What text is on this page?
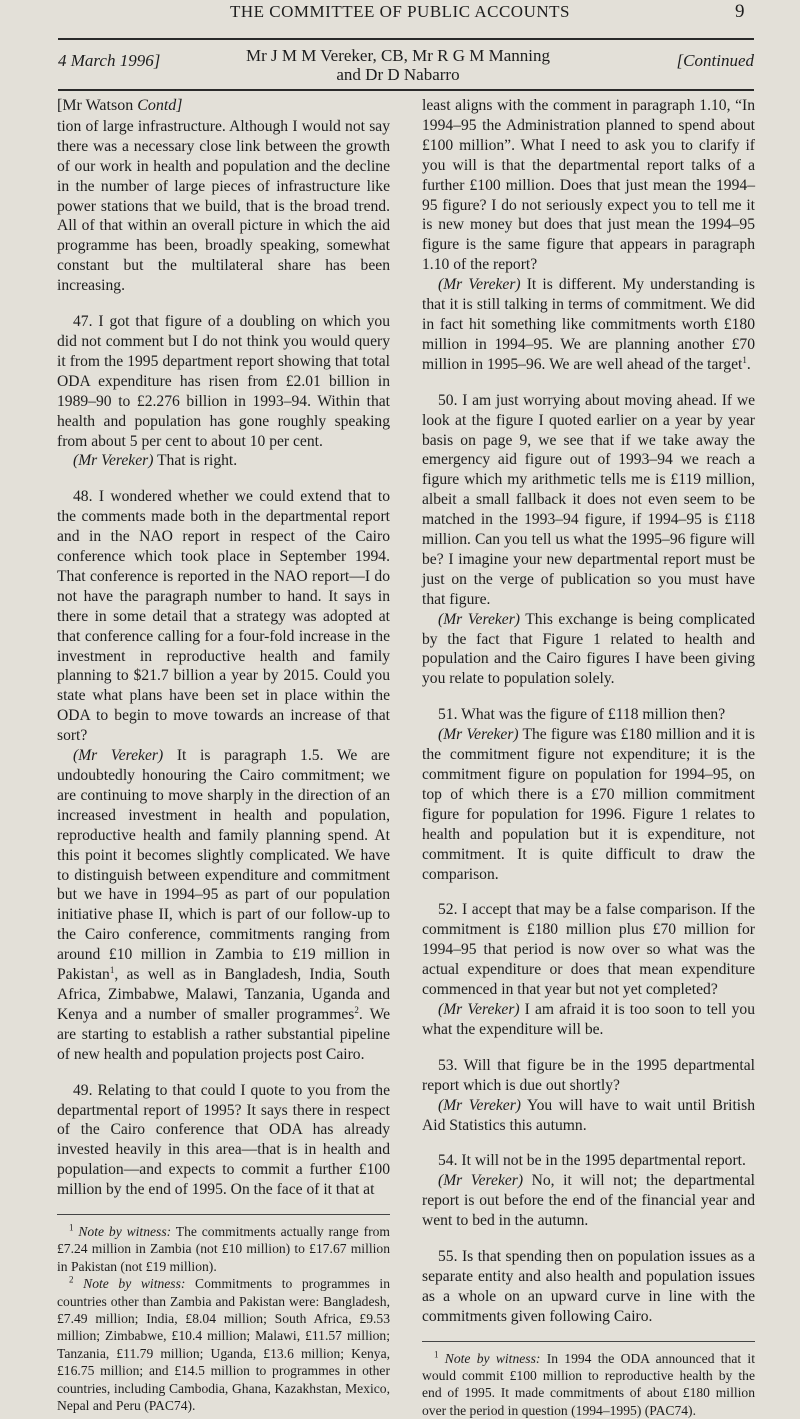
THE COMMITTEE OF PUBLIC ACCOUNTS	9
4 March 1996]	Mr J M M Vereker, CB, Mr R G M Manning
and Dr D Nabarro
[Continued
[Mr Watson Contd]

tion of large infrastructure. Although I would not say there was a necessary close link between the growth of our work in health and population and the decline in the number of large pieces of infrastructure like power stations that we build, that is the broad trend. All of that within an overall picture in which the aid programme has been, broadly speaking, somewhat constant but the multilateral share has been increasing.

47. I got that figure of a doubling on which you did not comment but I do not think you would query it from the 1995 department report showing that total ODA expenditure has risen from £2.01 billion in 1989–90 to £2.276 billion in 1993–94. Within that health and population has gone roughly speaking from about 5 per cent to about 10 per cent.

(Mr Vereker) That is right.

48. I wondered whether we could extend that to the comments made both in the departmental report and in the NAO report in respect of the Cairo conference which took place in September 1994. That conference is reported in the NAO report—I do not have the paragraph number to hand. It says in there in some detail that a strategy was adopted at that conference calling for a four-fold increase in the investment in reproductive health and family planning to $21.7 billion a year by 2015. Could you state what plans have been set in place within the ODA to begin to move towards an increase of that sort?

(Mr Vereker) It is paragraph 1.5. We are undoubtedly honouring the Cairo commitment; we are continuing to move sharply in the direction of an increased investment in health and population, reproductive health and family planning spend. At this point it becomes slightly complicated. We have to distinguish between expenditure and commitment but we have in 1994–95 as part of our population initiative phase II, which is part of our follow-up to the Cairo conference, commitments ranging from around £10 million in Zambia to £19 million in Pakistan$^1$, as well as in Bangladesh, India, South Africa, Zimbabwe, Malawi, Tanzania, Uganda and Kenya and a number of smaller programmes$^2$. We are starting to establish a rather substantial pipeline of new health and population projects post Cairo.

49. Relating to that could I quote to you from the departmental report of 1995? It says there in respect of the Cairo conference that ODA has already invested heavily in this area—that is in health and population—and expects to commit a further £100 million by the end of 1995. On the face of it that at

$^1$ Note by witness: The commitments actually range from £7.24 million in Zambia (not £10 million) to £17.67 million in Pakistan (not £19 million).

$^2$ Note by witness: Commitments to programmes in countries other than Zambia and Pakistan were: Bangladesh, £7.49 million; India, £8.04 million; South Africa, £9.53 million; Zimbabwe, £10.4 million; Malawi, £11.57 million; Tanzania, £11.79 million; Uganda, £13.6 million; Kenya, £16.75 million; and £14.5 million to programmes in other countries, including Cambodia, Ghana, Kazakhstan, Mexico, Nepal and Peru (PAC74).

least aligns with the comment in paragraph 1.10, “In 1994–95 the Administration planned to spend about £100 million”. What I need to ask you to clarify if you will is that the departmental report talks of a further £100 million. Does that just mean the 1994–95 figure? I do not seriously expect you to tell me it is new money but does that just mean the 1994–95 figure is the same figure that appears in paragraph 1.10 of the report?

(Mr Vereker) It is different. My understanding is that it is still talking in terms of commitment. We did in fact hit something like commitments worth £180 million in 1994–95. We are planning another £70 million in 1995–96. We are well ahead of the target$^1$.

50. I am just worrying about moving ahead. If we look at the figure I quoted earlier on a year by year basis on page 9, we see that if we take away the emergency aid figure out of 1993–94 we reach a figure which my arithmetic tells me is £119 million, albeit a small fallback it does not even seem to be matched in the 1993–94 figure, if 1994–95 is £118 million. Can you tell us what the 1995–96 figure will be? I imagine your new departmental report must be just on the verge of publication so you must have that figure.

(Mr Vereker) This exchange is being complicated by the fact that Figure 1 related to health and population and the Cairo figures I have been giving you relate to population solely.

51. What was the figure of £118 million then?

(Mr Vereker) The figure was £180 million and it is the commitment figure not expenditure; it is the commitment figure on population for 1994–95, on top of which there is a £70 million commitment figure for population for 1996. Figure 1 relates to health and population but it is expenditure, not commitment. It is quite difficult to draw the comparison.

52. I accept that may be a false comparison. If the commitment is £180 million plus £70 million for 1994–95 that period is now over so what was the actual expenditure or does that mean expenditure commenced in that year but not yet completed?

(Mr Vereker) I am afraid it is too soon to tell you what the expenditure will be.

53. Will that figure be in the 1995 departmental report which is due out shortly?

(Mr Vereker) You will have to wait until British Aid Statistics this autumn.

54. It will not be in the 1995 departmental report.

(Mr Vereker) No, it will not; the departmental report is out before the end of the financial year and went to bed in the autumn.

55. Is that spending then on population issues as a separate entity and also health and population issues as a whole on an upward curve in line with the commitments given following Cairo.

$^1$ Note by witness: In 1994 the ODA announced that it would commit £100 million to reproductive health by the end of 1995. It made commitments of about £180 million over the period in question (1994–1995) (PAC74).
